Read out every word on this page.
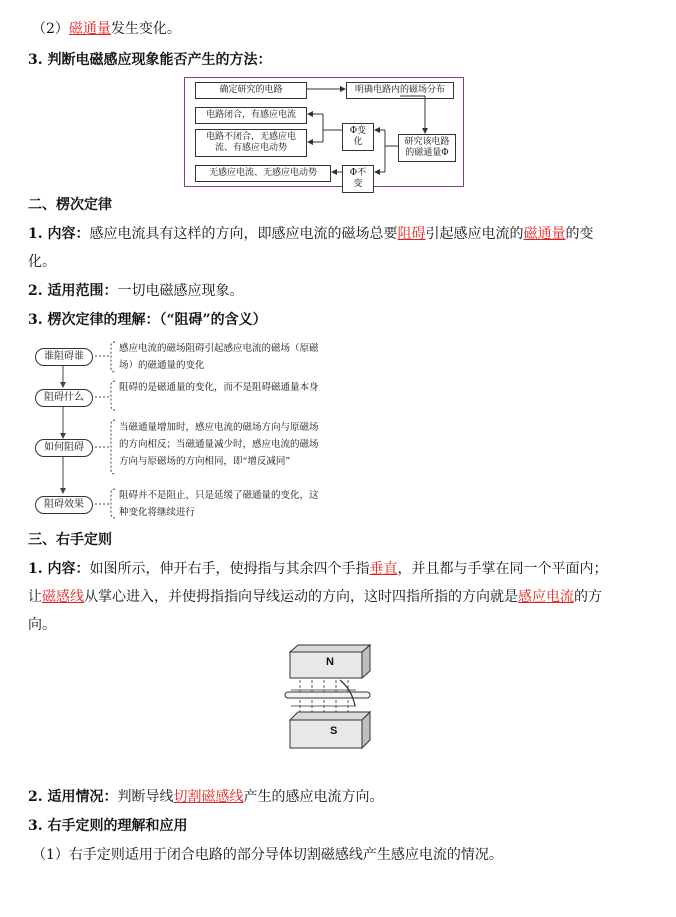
（2）磁通量发生变化。
3. 判断电磁感应现象能否产生的方法：
确定研究的电路	明确电路内的磁场分布
电路闭合，有感应电流
电路不闭合，无感应电流、有感应电动势
无感应电流、无感应电动势
Φ变化
Φ不变
研究该电路的磁通量Φ
二、楞次定律
1. 内容：感应电流具有这样的方向，即感应电流的磁场总要阻碍引起感应电流的磁通量的变
化。
2. 适用范围：一切电磁感应现象。
3. 楞次定律的理解：（“阻碍”的含义）
谁阻碍谁
阻碍什么
如何阻碍
阻碍效果
感应电流的磁场阻碍引起感应电流的磁场（原磁场）的磁通量的变化
阻碍的是磁通量的变化，而不是阻碍磁通量本身
当磁通量增加时，感应电流的磁场方向与原磁场的方向相反；当磁通量减少时，感应电流的磁场方向与原磁场的方向相同，即“增反减同”
阻碍并不是阻止，只是延缓了磁通量的变化，这种变化将继续进行
三、右手定则
1. 内容：如图所示，伸开右手，使拇指与其余四个手指垂直，并且都与手掌在同一个平面内；
让磁感线从掌心进入，并使拇指指向导线运动的方向，这时四指所指的方向就是感应电流的方
向。
N
S
2. 适用情况：判断导线切割磁感线产生的感应电流方向。
3. 右手定则的理解和应用
（1）右手定则适用于闭合电路的部分导体切割磁感线产生感应电流的情况。
